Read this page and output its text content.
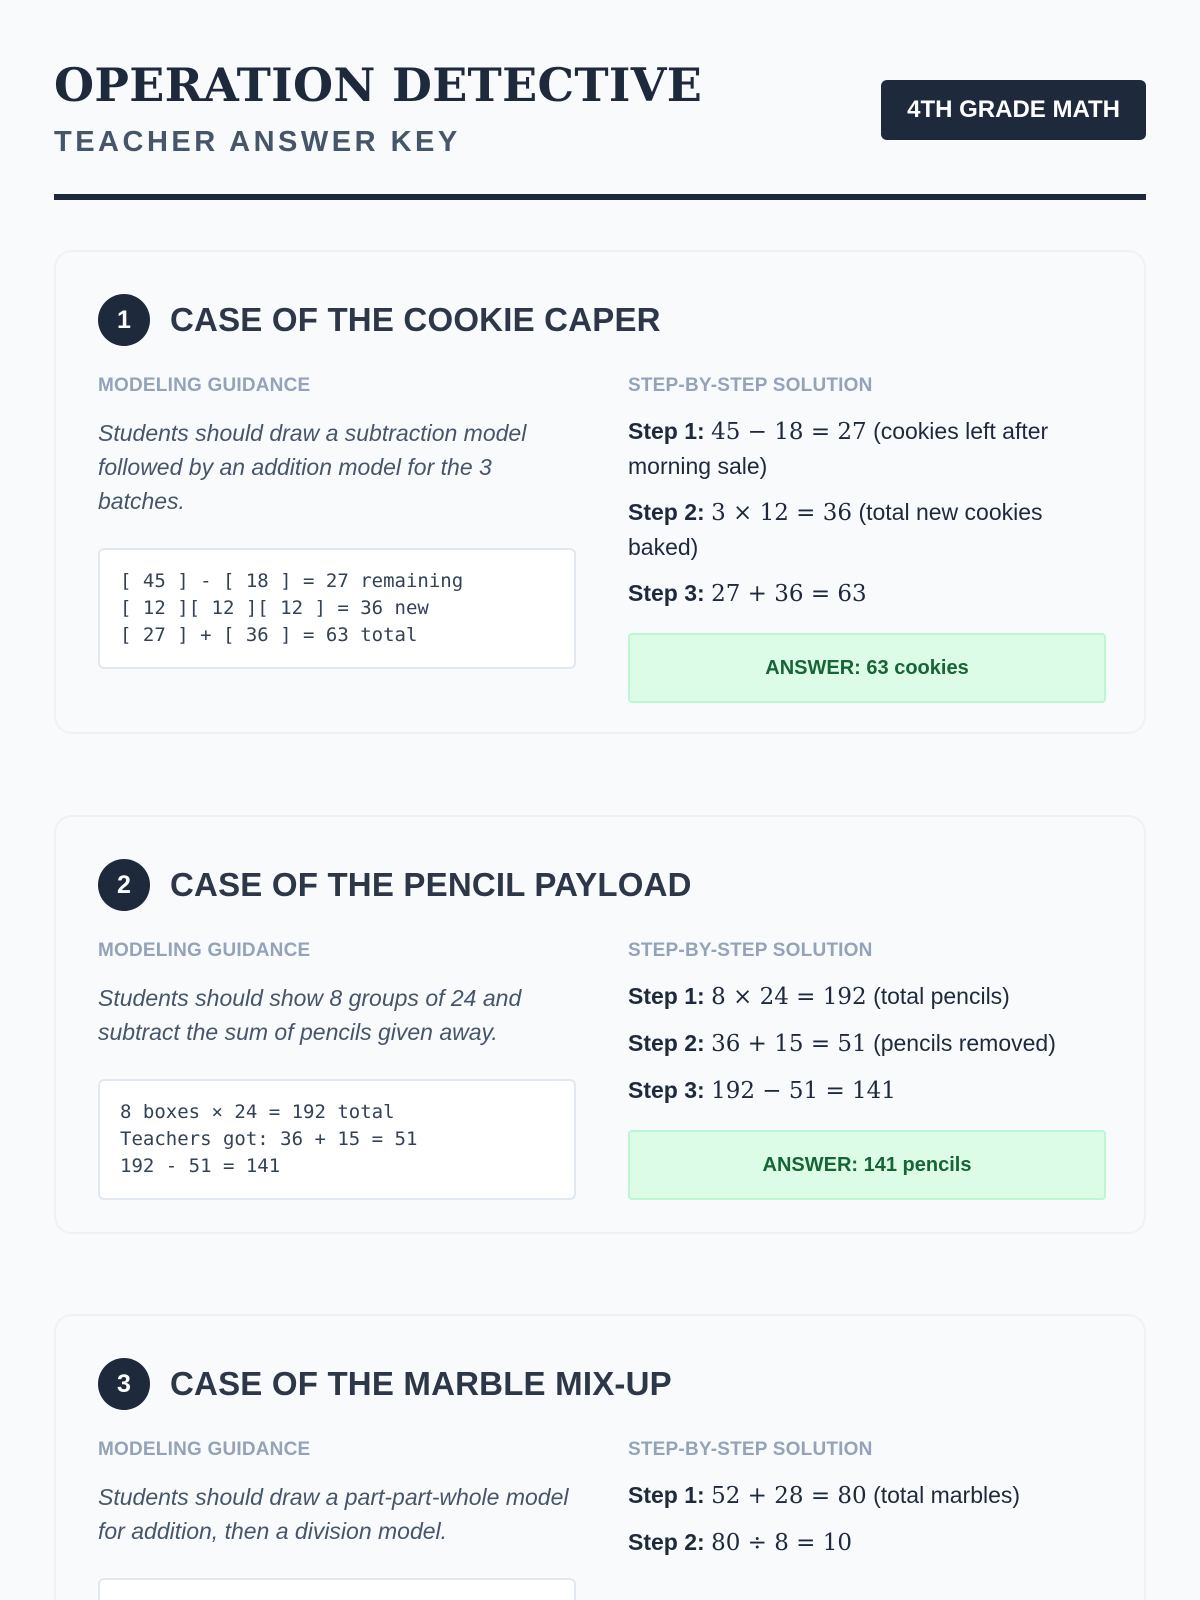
OPERATION DETECTIVE
TEACHER ANSWER KEY
4TH GRADE MATH
1	CASE OF THE COOKIE CAPER
MODELING GUIDANCE
Students should draw a subtraction model followed by an addition model for the 3 batches.
[ 45 ] - [ 18 ] = 27 remaining
[ 12 ][ 12 ][ 12 ] = 36 new
[ 27 ] + [ 36 ] = 63 total
STEP-BY-STEP SOLUTION
Step 1: 45 − 18 = 27 (cookies left after morning sale)
Step 2: 3 × 12 = 36 (total new cookies baked)
Step 3: 27 + 36 = 63
ANSWER: 63 cookies
2	CASE OF THE PENCIL PAYLOAD
MODELING GUIDANCE
Students should show 8 groups of 24 and subtract the sum of pencils given away.
8 boxes × 24 = 192 total
Teachers got: 36 + 15 = 51
192 - 51 = 141
STEP-BY-STEP SOLUTION
Step 1: 8 × 24 = 192 (total pencils)
Step 2: 36 + 15 = 51 (pencils removed)
Step 3: 192 − 51 = 141
ANSWER: 141 pencils
3	CASE OF THE MARBLE MIX-UP
MODELING GUIDANCE
Students should draw a part-part-whole model for addition, then a division model.
STEP-BY-STEP SOLUTION
Step 1: 52 + 28 = 80 (total marbles)
Step 2: 80 ÷ 8 = 10
